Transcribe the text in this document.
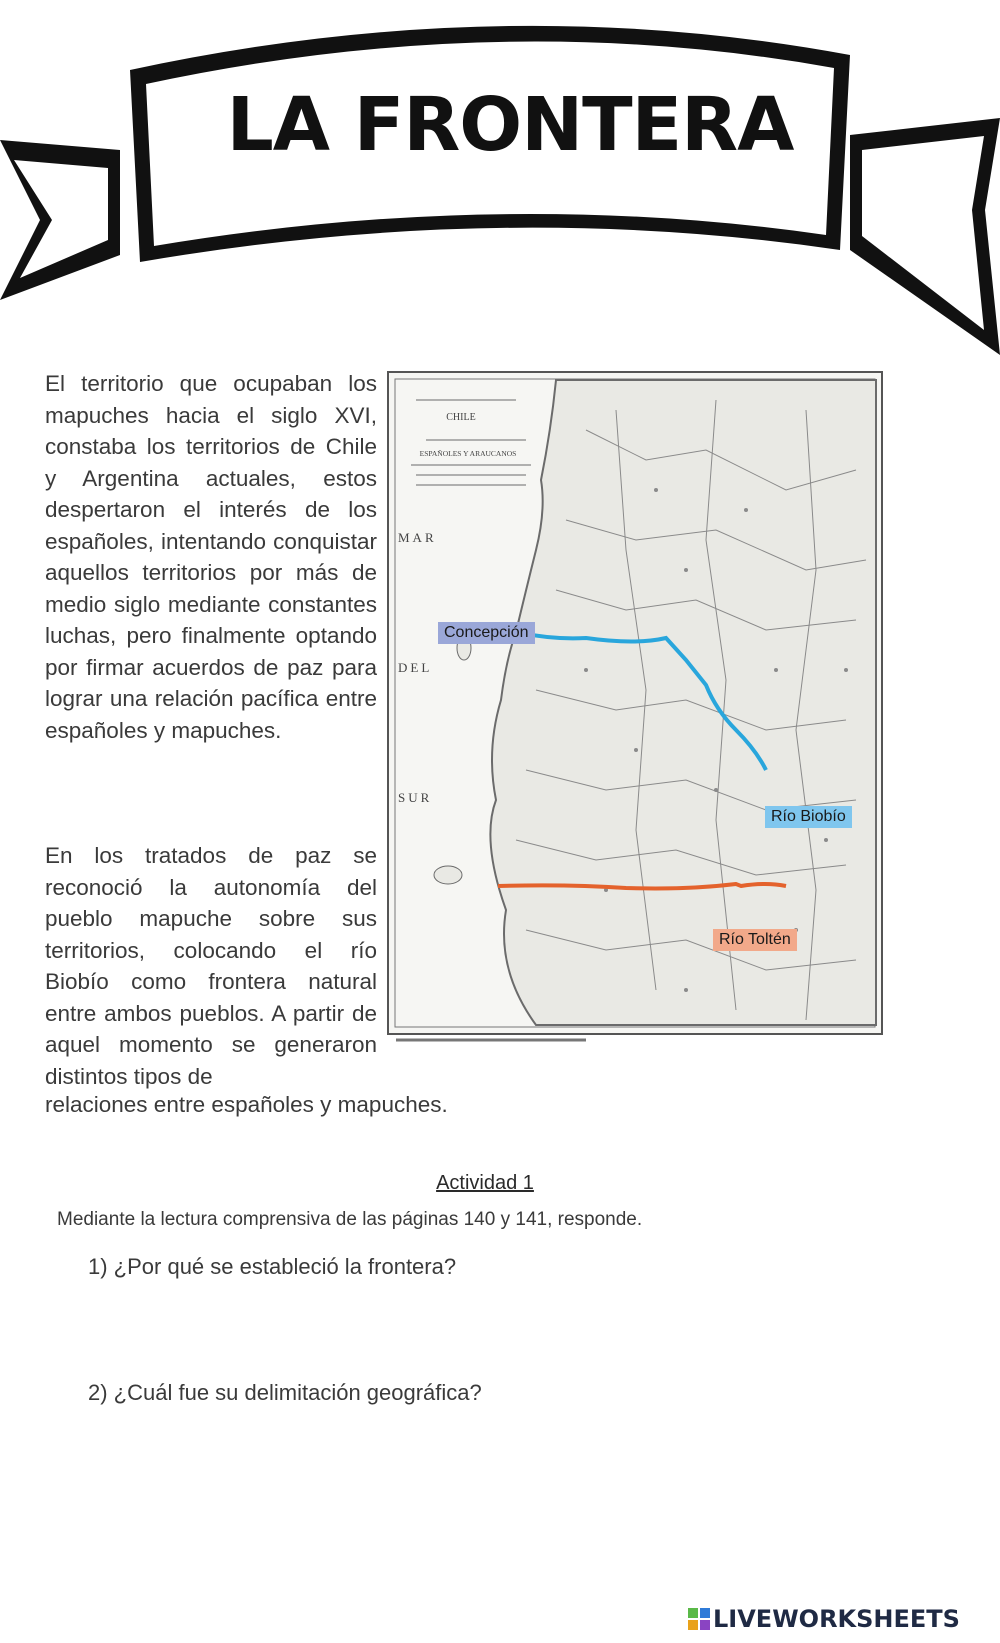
LA FRONTERA
El territorio que ocupaban los mapuches hacia el siglo XVI, constaba los territorios de Chile y Argentina actuales, estos despertaron el interés de los españoles, intentando conquistar aquellos territorios por más de medio siglo mediante constantes luchas, pero finalmente optando por firmar acuerdos de paz para lograr una relación pacífica entre españoles y mapuches.
En los tratados de paz se reconoció la autonomía del pueblo mapuche sobre sus territorios, colocando el río Biobío como frontera natural entre ambos pueblos. A partir de aquel momento se generaron distintos tipos de
relaciones entre españoles y mapuches.
CHILE
ESPAÑOLES Y ARAUCANOS
MAR
DEL
SUR
Concepción
Río Biobío
Río Toltén
Actividad 1
Mediante la lectura comprensiva de las páginas 140 y 141, responde.
1) ¿Por qué se estableció la frontera?
2) ¿Cuál fue su delimitación geográfica?
LIVEWORKSHEETS
